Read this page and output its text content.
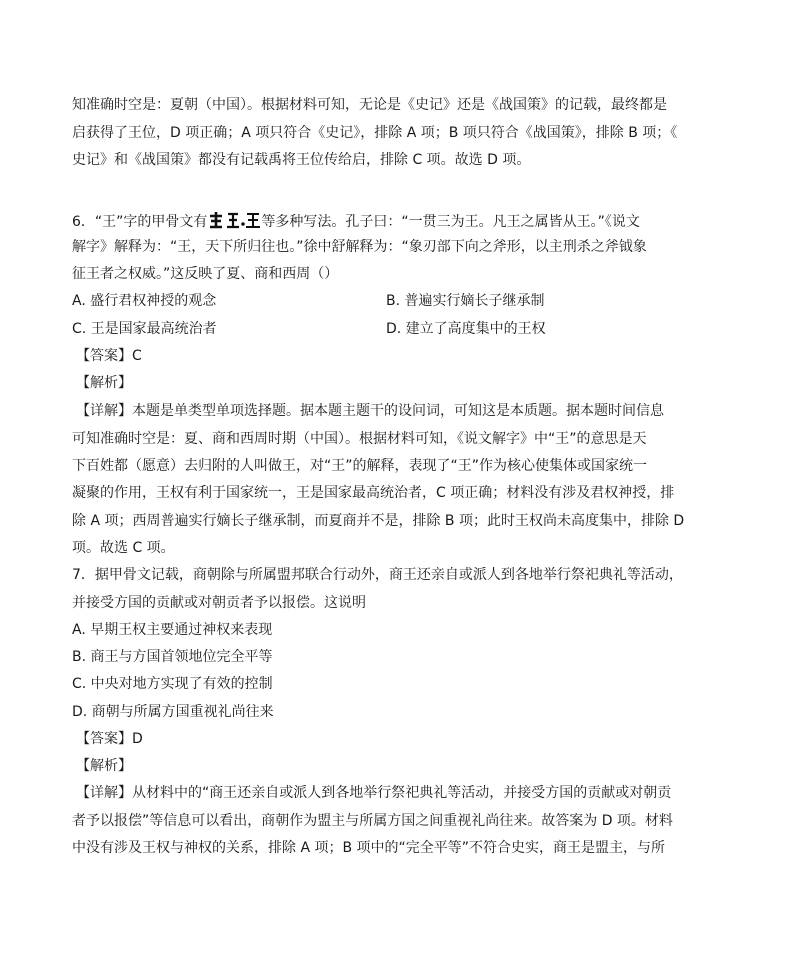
知准确时空是：夏朝（中国）。根据材料可知，无论是《史记》还是《战国策》的记载，最终都是
启获得了王位，D 项正确；A 项只符合《史记》，排除 A 项；B 项只符合《战国策》，排除 B 项；《
史记》和《战国策》都没有记载禹将王位传给启，排除 C 项。故选 D 项。
6．“王”字的甲骨文有	等多种写法。孔子曰：“一贯三为王。凡王之属皆从王。”《说文
解字》解释为：“王，天下所归往也。”徐中舒解释为：“象刃部下向之斧形，以主刑杀之斧钺象
征王者之权威。”这反映了夏、商和西周（）
A. 盛行君权神授的观念	B. 普遍实行嫡长子继承制
C. 王是国家最高统治者	D. 建立了高度集中的王权
【答案】C
【解析】
【详解】本题是单类型单项选择题。据本题主题干的设问词，可知这是本质题。据本题时间信息
可知准确时空是：夏、商和西周时期（中国）。根据材料可知，《说文解字》中“王”的意思是天
下百姓都（愿意）去归附的人叫做王，对“王”的解释，表现了“王”作为核心使集体或国家统一
凝聚的作用，王权有利于国家统一，王是国家最高统治者，C 项正确；材料没有涉及君权神授，排
除 A 项；西周普遍实行嫡长子继承制，而夏商并不是，排除 B 项；此时王权尚未高度集中，排除 D
项。故选 C 项。
7．据甲骨文记载，商朝除与所属盟邦联合行动外，商王还亲自或派人到各地举行祭祀典礼等活动，
并接受方国的贡献或对朝贡者予以报偿。这说明
A. 早期王权主要通过神权来表现
B. 商王与方国首领地位完全平等
C. 中央对地方实现了有效的控制
D. 商朝与所属方国重视礼尚往来
【答案】D
【解析】
【详解】从材料中的“商王还亲自或派人到各地举行祭祀典礼等活动，并接受方国的贡献或对朝贡
者予以报偿”等信息可以看出，商朝作为盟主与所属方国之间重视礼尚往来。故答案为 D 项。材料
中没有涉及王权与神权的关系，排除 A 项；B 项中的“完全平等”不符合史实，商王是盟主，与所
